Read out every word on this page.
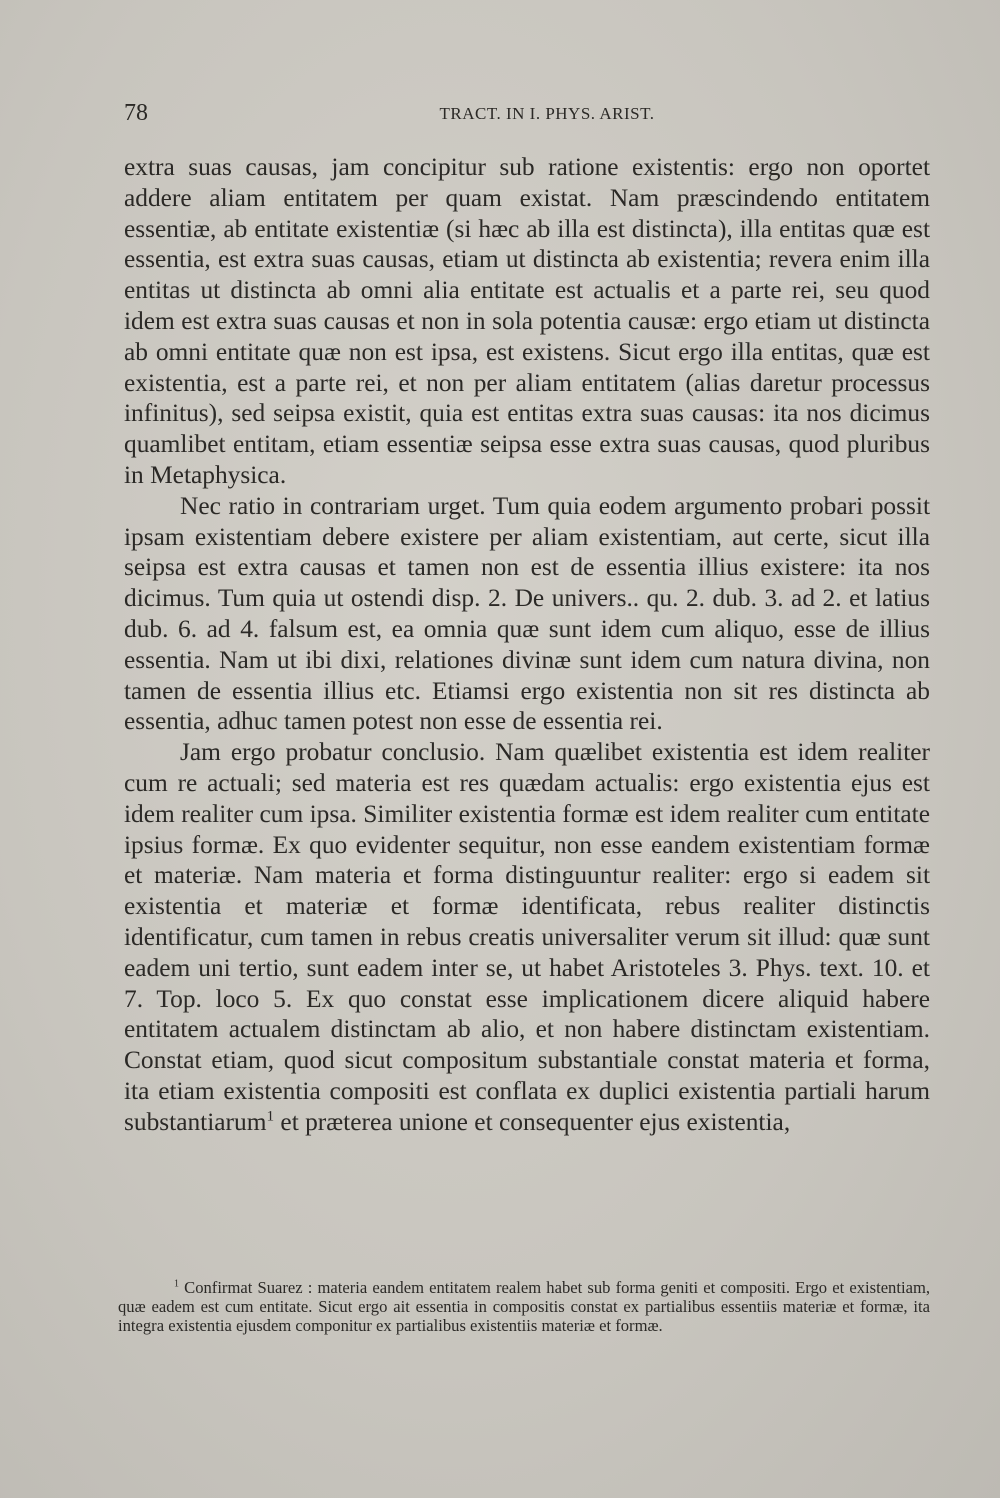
78	TRACT. IN I. PHYS. ARIST.

extra suas causas, jam concipitur sub ratione existentis: ergo non oportet addere aliam entitatem per quam existat. Nam præscindendo entitatem essentiæ, ab entitate existentiæ (si hæc ab illa est distincta), illa entitas quæ est essentia, est extra suas causas, etiam ut distincta ab existentia; revera enim illa entitas ut distincta ab omni alia entitate est actualis et a parte rei, seu quod idem est extra suas causas et non in sola potentia causæ: ergo etiam ut distincta ab omni entitate quæ non est ipsa, est existens. Sicut ergo illa entitas, quæ est existentia, est a parte rei, et non per aliam entitatem (alias daretur processus infinitus), sed seipsa existit, quia est entitas extra suas causas: ita nos dicimus quamlibet entitam, etiam essentiæ seipsa esse extra suas causas, quod pluribus in Metaphysica.

Nec ratio in contrariam urget. Tum quia eodem argumento probari possit ipsam existentiam debere existere per aliam existentiam, aut certe, sicut illa seipsa est extra causas et tamen non est de essentia illius existere: ita nos dicimus. Tum quia ut ostendi disp. 2. De univers.. qu. 2. dub. 3. ad 2. et latius dub. 6. ad 4. falsum est, ea omnia quæ sunt idem cum aliquo, esse de illius essentia. Nam ut ibi dixi, relationes divinæ sunt idem cum natura divina, non tamen de essentia illius etc. Etiamsi ergo existentia non sit res distincta ab essentia, adhuc tamen potest non esse de essentia rei.

Jam ergo probatur conclusio. Nam quælibet existentia est idem realiter cum re actuali; sed materia est res quædam actualis: ergo existentia ejus est idem realiter cum ipsa. Similiter existentia formæ est idem realiter cum entitate ipsius formæ. Ex quo evidenter sequitur, non esse eandem existentiam formæ et materiæ. Nam materia et forma distinguuntur realiter: ergo si eadem sit existentia et materiæ et formæ identificata, rebus realiter distinctis identificatur, cum tamen in rebus creatis universaliter verum sit illud: quæ sunt eadem uni tertio, sunt eadem inter se, ut habet Aristoteles 3. Phys. text. 10. et 7. Top. loco 5. Ex quo constat esse implicationem dicere aliquid habere entitatem actualem distinctam ab alio, et non habere distinctam existentiam. Constat etiam, quod sicut compositum substantiale constat materia et forma, ita etiam existentia compositi est conflata ex duplici existentia partiali harum substantiarum$^1$ et præterea unione et consequenter ejus existentia,

$^1$ Confirmat Suarez : materia eandem entitatem realem habet sub forma geniti et compositi. Ergo et existentiam, quæ eadem est cum entitate. Sicut ergo ait essentia in compositis constat ex partialibus essentiis materiæ et formæ, ita integra existentia ejusdem componitur ex partialibus existentiis materiæ et formæ.
